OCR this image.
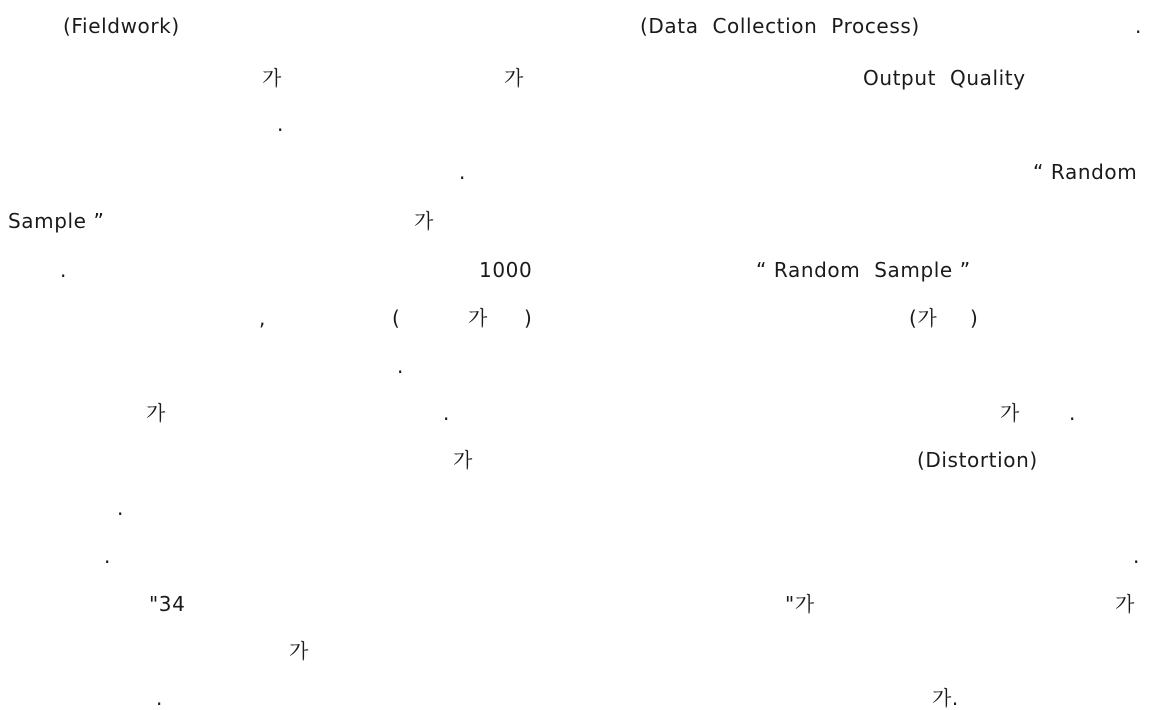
(Fieldwork)	(Data  Collection  Process)	.
가	가	Output  Quality
.
.	“ Random
Sample ”	가
.	1000	“ Random  Sample ”
,	(	가 )	(가 )
.
가	.	가 .
가	(Distortion)
.
.	.
"34	"가	가
가
.	가.
